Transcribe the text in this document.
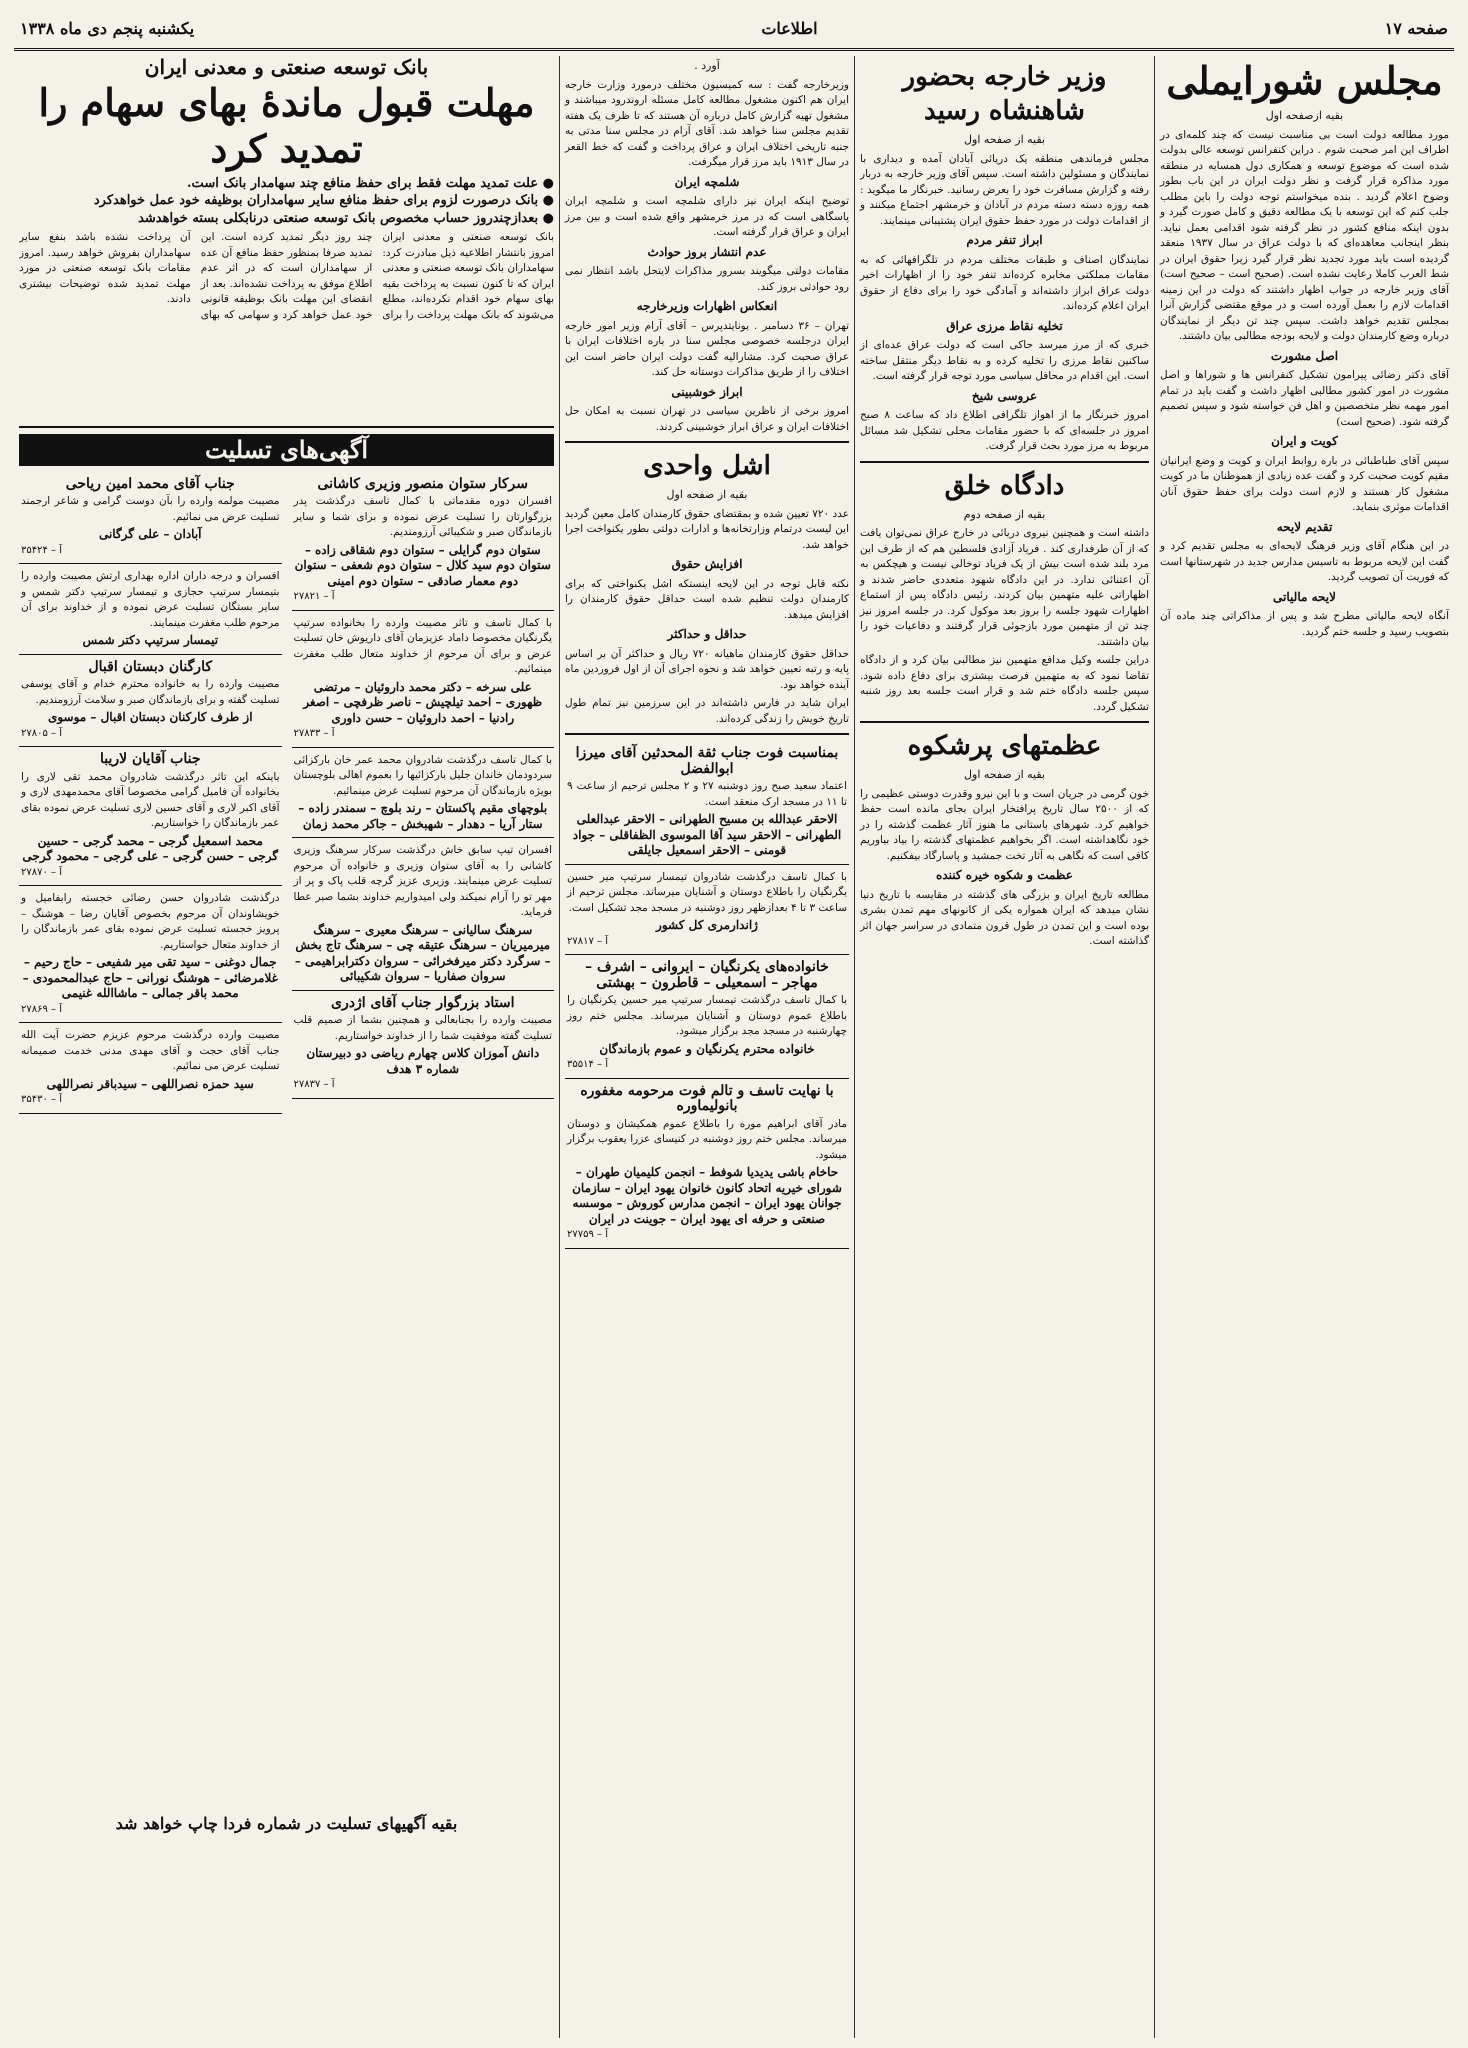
صفحه ۱۷
اطلاعات
یکشنبه پنجم دی ماه ۱۳۳۸
مجلس شورایملی
بقیه ازصفحه اول

مورد مطالعه دولت است بی مناسبت نیست که چند کلمه‌ای در اطراف این امر صحبت شوم . دراین کنفرانس توسعه عالی بدولت شده است که موضوع توسعه و همکاری دول همسایه در منطقه مورد مذاکره قرار گرفت و نظر دولت ایران در این باب بطور وضوح اعلام گردید . بنده میخواستم توجه دولت را باین مطلب جلب کنم که این توسعه با یک مطالعه دقیق و کامل صورت گیرد و بدون اینکه منافع کشور در نظر گرفته شود اقدامی بعمل نیاید. بنظر اینجانب معاهده‌ای که با دولت عراق در سال ۱۹۳۷ منعقد گردیده است باید مورد تجدید نظر قرار گیرد زیرا حقوق ایران در شط العرب کاملا رعایت نشده است. (صحیح است – صحیح است) آقای وزیر خارجه در جواب اظهار داشتند که دولت در این زمینه اقدامات لازم را بعمل آورده است و در موقع مقتضی گزارش آنرا بمجلس تقدیم خواهد داشت. سپس چند تن دیگر از نمایندگان درباره وضع کارمندان دولت و لایحه بودجه مطالبی بیان داشتند.

اصل مشورت

آقای دکتر رضائی پیرامون تشکیل کنفرانس ها و شوراها و اصل مشورت در امور کشور مطالبی اظهار داشت و گفت باید در تمام امور مهمه نظر متخصصین و اهل فن خواسته شود و سپس تصمیم گرفته شود. (صحیح است)

کویت و ایران

سپس آقای طباطبائی در باره روابط ایران و کویت و وضع ایرانیان مقیم کویت صحبت کرد و گفت عده زیادی از هموطنان ما در کویت مشغول کار هستند و لازم است دولت برای حفظ حقوق آنان اقدامات موثری بنماید.

تقدیم لایحه

در این هنگام آقای وزیر فرهنگ لایحه‌ای به مجلس تقدیم کرد و گفت این لایحه مربوط به تاسیس مدارس جدید در شهرستانها است که فوریت آن تصویب گردید.

لایحه مالیاتی

آنگاه لایحه مالیاتی مطرح شد و پس از مذاکراتی چند ماده آن بتصویب رسید و جلسه ختم گردید.

وزیر خارجه بحضور شاهنشاه رسید
بقیه از صفحه اول

مجلس فرماندهی منطقه یک دریائی آبادان آمده و دیداری با نمایندگان و مسئولین داشته است. سپس آقای وزیر خارجه به دربار رفته و گزارش مسافرت خود را بعرض رسانید. خبرنگار ما میگوید : همه روزه دسته دسته مردم در آبادان و خرمشهر اجتماع میکنند و از اقدامات دولت در مورد حفظ حقوق ایران پشتیبانی مینمایند.

ابراز تنفر مردم

نمایندگان اصناف و طبقات مختلف مردم در تلگرافهائی که به مقامات مملکتی مخابره کرده‌اند تنفر خود را از اظهارات اخیر دولت عراق ابراز داشته‌اند و آمادگی خود را برای دفاع از حقوق ایران اعلام کرده‌اند.

تخلیه نقاط مرزی عراق

خبری که از مرز میرسد حاکی است که دولت عراق عده‌ای از ساکنین نقاط مرزی را تخلیه کرده و به نقاط دیگر منتقل ساخته است. این اقدام در محافل سیاسی مورد توجه قرار گرفته است.

عروسی شیخ

امروز خبرنگار ما از اهواز تلگرافی اطلاع داد که ساعت ۸ صبح امروز در جلسه‌ای که با حضور مقامات محلی تشکیل شد مسائل مربوط به مرز مورد بحث قرار گرفت.

دادگاه خلق
بقیه از صفحه دوم

داشته است و همچنین نیروی دریائی در خارج عراق نمی‌توان یافت که از آن طرفداری کند . فریاد آزادی فلسطین هم که از طرف این مرد بلند شده است بیش از یک فریاد توخالی نیست و هیچکس به آن اعتنائی ندارد. در این دادگاه شهود متعددی حاضر شدند و اظهاراتی علیه متهمین بیان کردند. رئیس دادگاه پس از استماع اظهارات شهود جلسه را بروز بعد موکول کرد. در جلسه امروز نیز چند تن از متهمین مورد بازجوئی قرار گرفتند و دفاعیات خود را بیان داشتند.

دراین جلسه وکیل مدافع متهمین نیز مطالبی بیان کرد و از دادگاه تقاضا نمود که به متهمین فرصت بیشتری برای دفاع داده شود. سپس جلسه دادگاه ختم شد و قرار است جلسه بعد روز شنبه تشکیل گردد.

عظمتهای پرشکوه
بقیه از صفحه اول

خون گرمی در جریان است و با این نیرو وقدرت دوستی عظیمی را که از ۲۵۰۰ سال تاریخ پرافتخار ایران بجای مانده است حفظ خواهیم کرد. شهرهای باستانی ما هنوز آثار عظمت گذشته را در خود نگاهداشته است. اگر بخواهیم عظمتهای گذشته را بیاد بیاوریم کافی است که نگاهی به آثار تخت جمشید و پاسارگاد بیفکنیم.

عظمت و شکوه خیره کننده

مطالعه تاریخ ایران و بزرگی های گذشته در مقایسه با تاریخ دنیا نشان میدهد که ایران همواره یکی از کانونهای مهم تمدن بشری بوده است و این تمدن در طول قرون متمادی در سراسر جهان اثر گذاشته است.

آورد .

وزیرخارجه گفت : سه کمیسیون مختلف درمورد وزارت خارجه ایران هم اکنون مشغول مطالعه کامل مسئله اروندرود میباشند و مشغول تهیه گزارش کامل درباره آن هستند که تا ظرف یک هفته تقدیم مجلس سنا خواهد شد. آقای آرام در مجلس سنا مدتی به جنبه تاریخی اختلاف ایران و عراق پرداخت و گفت که خط القعر در سال ۱۹۱۳ باید مرز قرار میگرفت.

شلمچه ایران

توضیح اینکه ایران نیز دارای شلمچه است و شلمچه ایران پاسگاهی است که در مرز خرمشهر واقع شده است و بین مرز ایران و عراق قرار گرفته است.

عدم انتشار بروز حوادث

مقامات دولتی میگویند بسرور مذاکرات لایتحل باشد انتظار نمی رود حوادثی بروز کند.

انعکاس اظهارات وزیرخارجه

تهران – ۳۶ دسامبر . یونایتدپرس – آقای آرام وزیر امور خارجه ایران درجلسه خصوصی مجلس سنا در باره اختلافات ایران با عراق صحبت کرد. مشارالیه گفت دولت ایران حاضر است این اختلاف را از طریق مذاکرات دوستانه حل کند.

ابراز خوشبینی

امروز برخی از ناظرین سیاسی در تهران نسبت به امکان حل اختلافات ایران و عراق ابراز خوشبینی کردند.

اشل واحدی
بقیه از صفحه اول

عدد ۷۲۰ تعیین شده و بمقتضای حقوق کارمندان کامل معین گردید این لیست درتمام وزارتخانه‌ها و ادارات دولتی بطور یکنواخت اجرا خواهد شد.

افزایش حقوق

نکته قابل توجه در این لایحه اینستکه اشل یکنواختی که برای کارمندان دولت تنظیم شده است حداقل حقوق کارمندان را افزایش میدهد.

حداقل و حداکثر

حداقل حقوق کارمندان ماهیانه ۷۲۰ ریال و حداکثر آن بر اساس پایه و رتبه تعیین خواهد شد و نحوه اجرای آن از اول فروردین ماه آینده خواهد بود.

ایران شاید در فارس داشته‌اند در این سرزمین نیز تمام طول تاریخ خویش را زندگی کرده‌اند.

بمناسبت فوت جناب ثقة المحدثین آقای میرزا ابوالفضل
اعتماد سعید صبح روز دوشنبه ۲۷ و ۲ مجلس ترحیم از ساعت ۹ تا ۱۱ در مسجد ارک منعقد است.
الاحقر عبدالله بن مسیح الطهرانی – الاحقر عبدالعلی الطهرانی – الاحقر سید آقا الموسوی الظفاقلی – جواد قومنی – الاحقر اسمعیل جایلقی
با کمال تاسف درگذشت شادروان تیمسار سرتیپ میر حسین یگرنگیان را باطلاع دوستان و آشنایان میرساند. مجلس ترحیم از ساعت ۳ تا ۴ بعدازظهر روز دوشنبه در مسجد مجد تشکیل است.
ژاندارمری کل کشور
آ – ۲۷۸۱۷
خانواده‌های یکرنگیان – ایروانی – اشرف – مهاجر – اسمعیلی – قاطرون – بهشتی
با کمال تاسف درگذشت تیمسار سرتیپ میر حسین یکرنگیان را باطلاع عموم دوستان و آشنایان میرساند. مجلس ختم روز چهارشنبه در مسجد مجد برگزار میشود.
خانواده محترم یکرنگیان و عموم بازماندگان
آ – ۳۵۵۱۴
با نهایت تاسف و تالم فوت مرحومه مغفوره بانولیماوره
مادر آقای ابراهیم موره را باطلاع عموم همکیشان و دوستان میرساند. مجلس ختم روز دوشنبه در کنیسای عزرا یعقوب برگزار میشود.
حاخام باشی یدیدیا شوفط – انجمن کلیمیان طهران – شورای خیریه اتحاد کانون خانوان یهود ایران – سازمان جوانان یهود ایران – انجمن مدارس کوروش – موسسه صنعتی و حرفه ای یهود ایران – جوینت در ایران
آ – ۲۷۷۵۹
بانک توسعه صنعتی و معدنی ایران
مهلت قبول ماندهٔ بهای سهام را تمدید کرد
● علت تمدید مهلت فقط برای حفظ منافع چند سهامدار بانک است.
● بانک درصورت لزوم برای حفظ منافع سایر سهامداران بوظیفه خود عمل خواهدکرد
● بعدازچندروز حساب مخصوص بانک توسعه صنعتی درنابکلی بسته خواهدشد

بانک توسعه صنعتی و معدنی ایران امروز بانتشار اطلاعیه ذیل مبادرت کرد: سهامداران بانک توسعه صنعتی و معدنی ایران که تا کنون نسبت به پرداخت بقیه بهای سهام خود اقدام نکرده‌اند، مطلع می‌شوند که بانک مهلت پرداخت را برای چند روز دیگر تمدید کرده است. این تمدید صرفا بمنظور حفظ منافع آن عده از سهامداران است که در اثر عدم اطلاع موفق به پرداخت نشده‌اند. بعد از انقضای این مهلت بانک بوظیفه قانونی خود عمل خواهد کرد و سهامی که بهای آن پرداخت نشده باشد بنفع سایر سهامداران بفروش خواهد رسید. امروز مقامات بانک توسعه صنعتی در مورد مهلت تمدید شده توضیحات بیشتری دادند.

آگهی‌های تسلیت
سرکار ستوان منصور وزیری کاشانی
افسران دوره مقدماتی با کمال تاسف درگذشت پدر بزرگوارتان را تسلیت عرض نموده و برای شما و سایر بازماندگان صبر و شکیبائی آرزومندیم.
ستوان دوم گرایلی – ستوان دوم شقاقی زاده – ستوان دوم سید کلال – ستوان دوم شعفی – ستوان دوم معمار صادقی – ستوان دوم امینی
آ – ۲۷۸۲۱
با کمال تاسف و تاثر مصیبت وارده را بخانواده سرتیپ یگرنگیان مخصوصا داماد عزیزمان آقای داریوش خان تسلیت عرض و برای آن مرحوم از خداوند متعال طلب مغفرت مینمائیم.
علی سرخه – دکتر محمد داروئیان – مرتضی ظهوری – احمد تیلچیش – ناصر ظرفچی – اصغر رادنیا – احمد داروئیان – حسن داوری
آ – ۲۷۸۳۳
با کمال تاسف درگذشت شادروان محمد عمر خان بارکزائی سردودمان خاندان جلیل بارکزائیها را بعموم اهالی بلوچستان بویژه بازماندگان آن مرحوم تسلیت عرض مینمائیم.
بلوچهای مقیم پاکستان – رند بلوچ – سمندر زاده – ستار آریا – دهدار – شهبخش – جاکر محمد زمان
افسران تیپ سابق خاش درگذشت سرکار سرهنگ وزیری کاشانی را به آقای ستوان وزیری و خانواده آن مرحوم تسلیت عرض مینمایند. وزیری عزیز گرچه قلب پاک و پر از مهر تو را آرام نمیکند ولی امیدواریم خداوند بشما صبر عطا فرماید.
سرهنگ سالیانی – سرهنگ معیری – سرهنگ میرمیریان – سرهنگ عتیقه چی – سرهنگ تاج بخش – سرگرد دکتر میرفخرائی – سروان دکترابراهیمی – سروان صفاریا – سروان شکیبائی
استاد بزرگوار جناب آقای اژدری
مصیبت وارده را بجنابعالی و همچنین بشما از صمیم قلب تسلیت گفته موفقیت شما را از خداوند خواستاریم.
دانش آموزان کلاس چهارم ریاضی دو دبیرستان شماره ۳ هدف
آ – ۲۷۸۳۷
جناب آقای محمد امین ریاحی
مصیبت مولمه وارده را بآن دوست گرامی و شاعر ارجمند تسلیت عرض می نمائیم.
آبادان – علی گرگانی
آ – ۳۵۴۲۴
افسران و درجه داران اداره بهداری ارتش مصیبت وارده را بتیمسار سرتیپ حجازی و تیمسار سرتیپ دکتر شمس و سایر بستگان تسلیت عرض نموده و از خداوند برای آن مرحوم طلب مغفرت مینمایند.
تیمسار سرتیپ دکتر شمس
کارگنان دبستان اقبال
مصیبت وارده را به خانواده محترم خدام و آقای یوسفی تسلیت گفته و برای بازماندگان صبر و سلامت آرزومندیم.
از طرف کارکنان دبستان اقبال – موسوی
آ – ۲۷۸۰۵
جناب آقایان لاریبا
باینکه این تاثر درگذشت شادروان محمد تقی لاری را بخانواده آن فامیل گرامی مخصوصا آقای محمدمهدی لاری و آقای اکبر لاری و آقای حسین لاری تسلیت عرض نموده بقای عمر بازماندگان را خواستاریم.
محمد اسمعیل گرجی – محمد گرجی – حسین گرجی – حسن گرجی – علی گرجی – محمود گرجی
آ – ۲۷۸۷۰
درگذشت شادروان حسن رضائی خجسته رابفامیل و خویشاوندان آن مرحوم بخصوص آقایان رضا – هوشنگ – پرویز خجسته تسلیت عرض نموده بقای عمر بازماندگان را از خداوند متعال خواستاریم.
جمال دوغنی – سید تقی میر شفیعی – حاج رحیم – غلامرضائی – هوشنگ نورانی – حاج عبدالمحمودی – محمد باقر جمالی – ماشاالله غنیمی
آ – ۲۷۸۶۹
مصیبت وارده درگذشت مرحوم عزیزم حضرت آیت الله جناب آقای حجت و آقای مهدی مدنی خدمت صمیمانه تسلیت عرض می نمائیم.
سید حمزه نصراللهی – سیدباقر نصراللهی
آ – ۳۵۴۳۰
بقیه آگهیهای تسلیت در شماره فردا چاپ خواهد شد
